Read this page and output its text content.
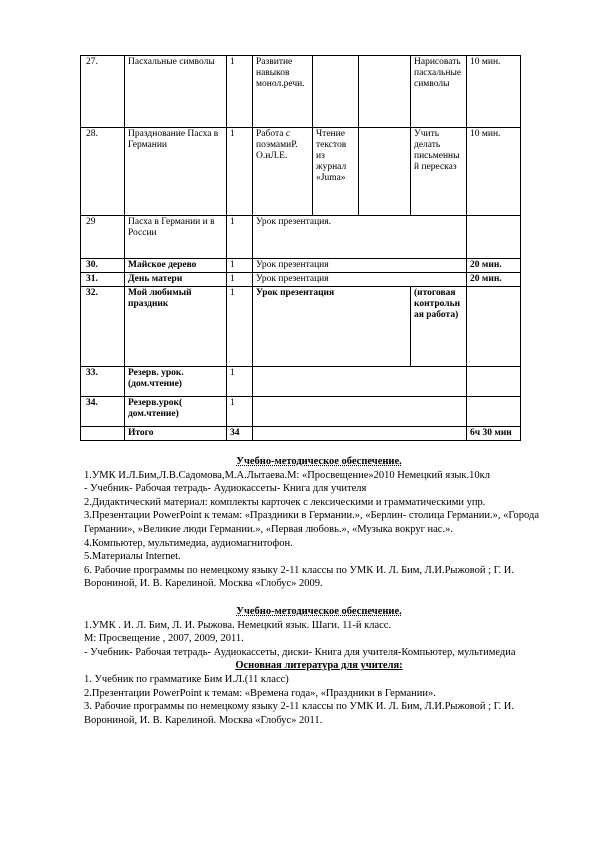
27.	Пасхальные символы	1	Развитие навыков монол.речи.			Нарисовать пасхальные символы	10 мин.
28.	Празднование Пасха в Германии	1	Работа с поэмамиР. О.иЛ.Е.	Чтение текстов из журнал «Juma»		Учить делать письменный пересказ	10 мин.
29	Пасха в Германии и в России	1	Урок презентация.				
30.	Майское дерево	1	Урок презентация				20 мин.
31.	День матери	1	Урок презентация				20 мин.
32.	Мой любимый праздник	1	Урок презентация			(итоговая контрольная работа)	
33.	Резерв. урок. (дом.чтение)	1					
34.	Резерв.урок( дом.чтение)	1					
	Итого	34					6ч 30 мин

Учебно-методическое обеспечение.

1.УМК И.Л.Бим,Л.В.Садомова,М.А.Лытаева.М: «Просвещение»2010 Немецкий язык.10кл

- Учебник- Рабочая тетрадь- Аудиокассеты- Книга для учителя

2.Дидактический материал: комплекты карточек с лексическими и грамматическими упр.

3.Презентации PowerPoint к темам: «Праздники в Германии.», «Берлин- столица Германии.», «Города Германии», »Великие люди Германии.», «Первая любовь.», «Музыка вокруг нас.».

4.Компьютер, мультимедиа, аудиомагнитофон.

5.Материалы Internet.

6. Рабочие программы по немецкому языку 2-11 классы по УМК И. Л. Бим, Л.И.Рыжовой ; Г. И. Ворониной, И. В. Карелиной. Москва «Глобус» 2009.

Учебно-методическое обеспечение.

1.УМК . И. Л. Бим, Л. И. Рыжова. Немецкий язык. Шаги. 11-й класс.

М: Просвещение , 2007, 2009, 2011.

- Учебник- Рабочая тетрадь- Аудиокассеты, диски- Книга для учителя-Компьютер, мультимедиа

Основная литература для учителя:

1. Учебник по грамматике Бим И.Л.(11 класс)

2.Презентации PowerPoint к темам: «Времена года», «Праздники в Германии».

3. Рабочие программы по немецкому языку 2-11 классы по УМК И. Л. Бим, Л.И.Рыжовой ; Г. И. Ворониной, И. В. Карелиной. Москва «Глобус» 2011.
